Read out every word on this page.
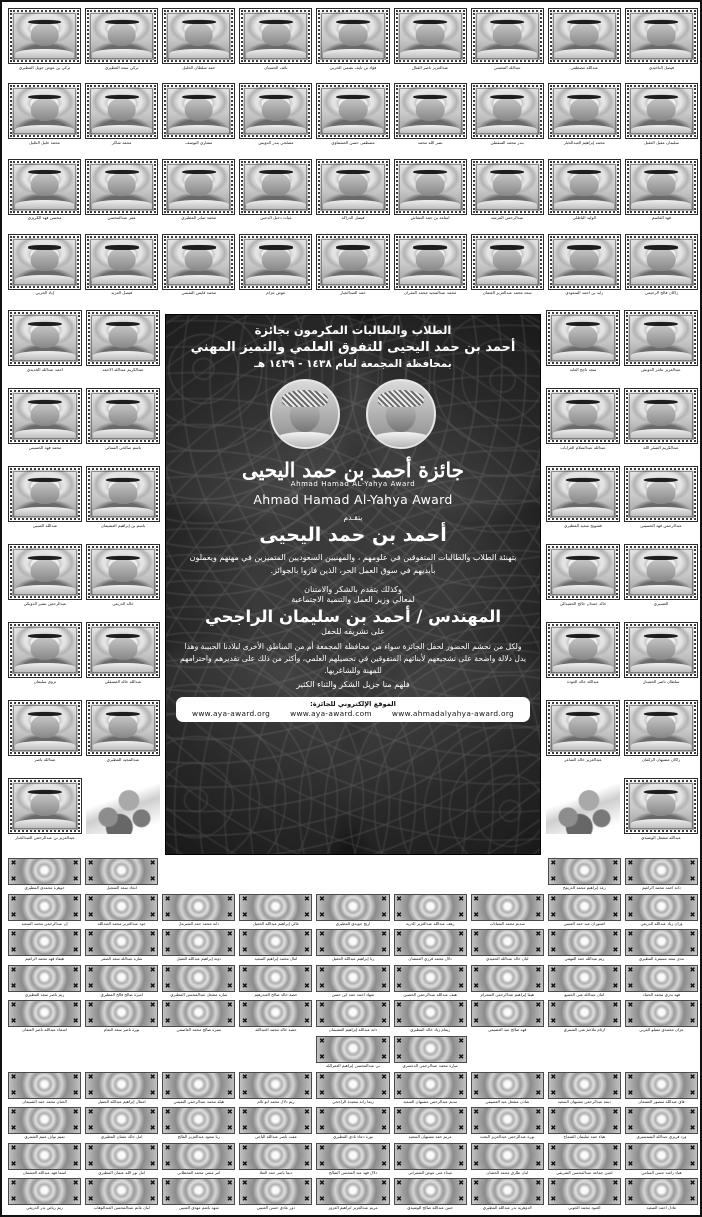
فيصل الناخيدي
عبدالله مصطفى
عبدالله المعشي
عبدالعزيز ناصر القثال
فؤاد بن نايف نشمي الحربي
نائف الحسيان
حمد سلطان الخليل
تركي سعد المطيري
تركي بن عوض جويل المطيري
سليمان عقيل العقيل
محمد إبراهيم العبدالجبار
بندر محمد السقطي
نصر الله محمد
مصطفى حسن العشماوي
مصلحي بندر الدويس
مشاري اليوسف
محمد شاكر
محمد خليل الخليل
فهد القاسم
الوليد الباطلي
عبدالرحمن المرشد
أسامة بن حمد النشاش
فيصل الدراكة
غياث دخيل الدخين
محمد صابر المطيري
عمر عبدالمحسن
محسن فهد الكريزي
زاكان فالح الرخيمي
زايد بن أحمد السعودي
سعد محمد عبدالعزيز العثمان
محمد عبدالمجيد محمد العمران
حمد العبدالجبار
عوض عزام
محمد فايس التميمي
فيصل العزيد
إياد الحربي
عبدالكريم عبدالله الأحمد
أحمد عبدالله الخديدي
باسم صالحي السنائي
محمد فهد الحسيني
باسم بن إبراهيم العشيمان
عبدالله العتيبي
خالد الدريعي
عبدالرحمن بشير الدويكي
عبدالله خالد المسقلي
نزوى سليمان
عبدالمجيد المطيري
عبدالله ناصر
عبدالعزيز بن عبدالرحمن العبدالجبار
عبدالعزيز عامر الدويش
سعد ناجح العايد
عبدالكريم الصقر الله
عبدالله عبدالسلام الغرابات
عبدالرحمن فهد الحسيني
فشويح سعيد المطيري
العسيري
خالد حمدان خالح الحميدالي
سلطان ناصر الحميدل
عبدالله خالد العودة
زاكان مشيهان الزكمان
عبدالعزيز خالد الشاعر
عبدالله مشعل الوشيدي
الطلاب والطالبات المكرمون بجائزة
أحمد بن حمد اليحيى للتفوق العلمي والتميز المهني
بمحافظة المجمعة لعام ١٤٣٨ - ١٤٣٩ هـ
جائزة أحمد بن حمد اليحيى
Ahmad Hamad AL-Yahya Award
Ahmad Hamad Al-Yahya Award
يتقـدم
أحمد بن حمد اليحيى
بتهنئة الطلاب والطالبات المتفوقين في علومهم ، والمهنيين السعوديين المتميزين في مهنهم ويعملون بأيديهم في سوق العمل الحر، الذين فازوا بالجوائز.
وكذلك يتقدم بالشكر والامتنان
لمعالي وزير العمل والتنمية الاجتماعية
المهندس / أحمد بن سليمان الراجحي
على تشريفه للحفل
ولكل من تجشم الحضور لحفل الجائزة سواء من محافظة المجمعة أم من المناطق الأخرى لبلادنا الحبيبة وهذا يدل دلالة واضحة على تشجيعهم لأبنائهم المتفوقين في تحصيلهم العلمي، وأكثر من ذلك على تقديرهم واحترامهم للمهنة وللشاغريها.
فلهم منا جزيل الشكر والثناء الكثير
الموقع الإلكتروني للجائزة:
www.aya-award.org	www.aya-award.com	www.ahmadalyahya-award.org
✖
✖
✖
✖
دانة احمد محمد الراغيم
✖
✖
✖
✖
رغد إبراهيم محمد الدريفح
✖
✖
✖
✖
أنجاد سعد الشجيل
✖
✖
✖
✖
جوهرة محمدي المطيري
✖
✖
✖
✖
وزان زياد عبدالله الدريعي
✖
✖
✖
✖
أشتوزان عبد حمد العتيبي
✖
✖
✖
✖
سديم محمد الشبانات
✖
✖
✖
✖
رهف عبدالله عبدالعزيز الدرية
✖
✖
✖
✖
أريج جويدي المطيري
✖
✖
✖
✖
غالي إبراهيم عبدالله الحفيل
✖
✖
✖
✖
دانة محمد حمد الشبرمل
✖
✖
✖
✖
جود عبدالعزيز محمد العبدالله
✖
✖
✖
✖
إن عبدالرحمن محمد السعيد
✖
✖
✖
✖
مدى سعد مسفرة المطيري
✖
✖
✖
✖
ريم عبدالله حمد الفهمي
✖
✖
✖
✖
ليان خالد عبدالله الحميدي
✖
✖
✖
✖
دلال محمد فرزي العمشان
✖
✖
✖
✖
رنا إبراهيم عبدالله الحفيل
✖
✖
✖
✖
أمال محمد إبراهيم السعيد
✖
✖
✖
✖
دونة إبراهيم عبدالله العقيل
✖
✖
✖
✖
ساره عبدالله سعد الصقر
✖
✖
✖
✖
هيفاء فهد محمد الراغيم
✖
✖
✖
✖
فهد بدري محمد الحماد
✖
✖
✖
✖
امان عبدالله غنى الحميع
✖
✖
✖
✖
هيفا إبراهيم عبدالرحمن الشعرام
✖
✖
✖
✖
هنف عبدالله عبدالرحمن الحصين
✖
✖
✖
✖
شهاد احمد حمد ابن حسن
✖
✖
✖
✖
حصة خالد صالح العبدرهيم
✖
✖
✖
✖
ساره مشعل عبدالمحسن المطيري
✖
✖
✖
✖
أميرة صالح فالح المطيري
✖
✖
✖
✖
ريم ناصر سعد المطيري
✖
✖
✖
✖
عزان محمدي مفيلو الغربي
✖
✖
✖
✖
أرثام ملاحم غنى الشمري
✖
✖
✖
✖
فهد صالح عبد العصيمي
✖
✖
✖
✖
ريفام زياد خالد المطيري
✖
✖
✖
✖
دانة عبدالله إبراهيم العشيمان
✖
✖
✖
✖
حصة خالد محمد العبدالله
✖
✖
✖
✖
منيرة صالح محمد العاصمي
✖
✖
✖
✖
نورة ناصر سعد النعام
✖
✖
✖
✖
أسماء عبدالله ناصر العنقان
✖
✖
✖
✖
سارة محمد عبدالرحمن الدعسري
✖
✖
✖
✖
ني عبدالمحسن إبراهيم العمرالله
✖
✖
✖
✖
فاي عبدالله منصور العشعان
✖
✖
✖
✖
ديمة عبدالرحمن مشيهان السعيد
✖
✖
✖
✖
شادن مشعل عبد العصيمي
✖
✖
✖
✖
مديم عبدالرحمن مشيهان السعيد
✖
✖
✖
✖
ريما رأنة سعيدة الراجحي
✖
✖
✖
✖
ريم دلال محمد أبو ثلام
✖
✖
✖
✖
هيلة محمد عبدالرحمن التميمي
✖
✖
✖
✖
امتثال إبراهيم عبدالله الحفيل
✖
✖
✖
✖
الحنان محمد حمد الشبيعان
✖
✖
✖
✖
ورد فريزي عبدالله الشمسيري
✖
✖
✖
✖
هياء حمد سليمان الشماخ
✖
✖
✖
✖
نورة عبدالرحمن عبدالعزيز البحث
✖
✖
✖
✖
مريم حمد مشيهان السعيد
✖
✖
✖
✖
نورة دعاء نادي المطيري
✖
✖
✖
✖
عفت ناصر عبدالله الباحي
✖
✖
✖
✖
ريا سعود عبدالعزيز الفالح
✖
✖
✖
✖
امل خالد عثمان المطيري
✖
✖
✖
✖
تميم نواف غنيم الشمري
✖
✖
✖
✖
هياء راشد حسن المنامي
✖
✖
✖
✖
لجين جماعة عبدالمحسن الشريفي
✖
✖
✖
✖
لبان طارق محمد الحشان
✖
✖
✖
✖
غيداء غنى عوض الشمراني
✖
✖
✖
✖
دلال فهد عبد المحسن الصالح
✖
✖
✖
✖
ديما ناصر حمد العنلا
✖
✖
✖
✖
أمر منفي محمد الفحطاني
✖
✖
✖
✖
امل نور الله عثمان المطيري
✖
✖
✖
✖
اسما فهد عبدالله العشمان
✖
✖
✖
✖
عادل أحمد الصعيد
✖
✖
✖
✖
العنود محمد الحوبي
✖
✖
✖
✖
الدوهرية بدر عبدالله المطيري
✖
✖
✖
✖
حنين عبدالله صالح الوشيدي
✖
✖
✖
✖
مريم عبدالعزيز ابراهيم العزوز
✖
✖
✖
✖
دور عادي حسن العتيبي
✖
✖
✖
✖
شهد باشم مهدي العتيبي
✖
✖
✖
✖
ليان غانم عبدالمحسن العبدالوهاب
✖
✖
✖
✖
ريم رياض بدر الدريعي
